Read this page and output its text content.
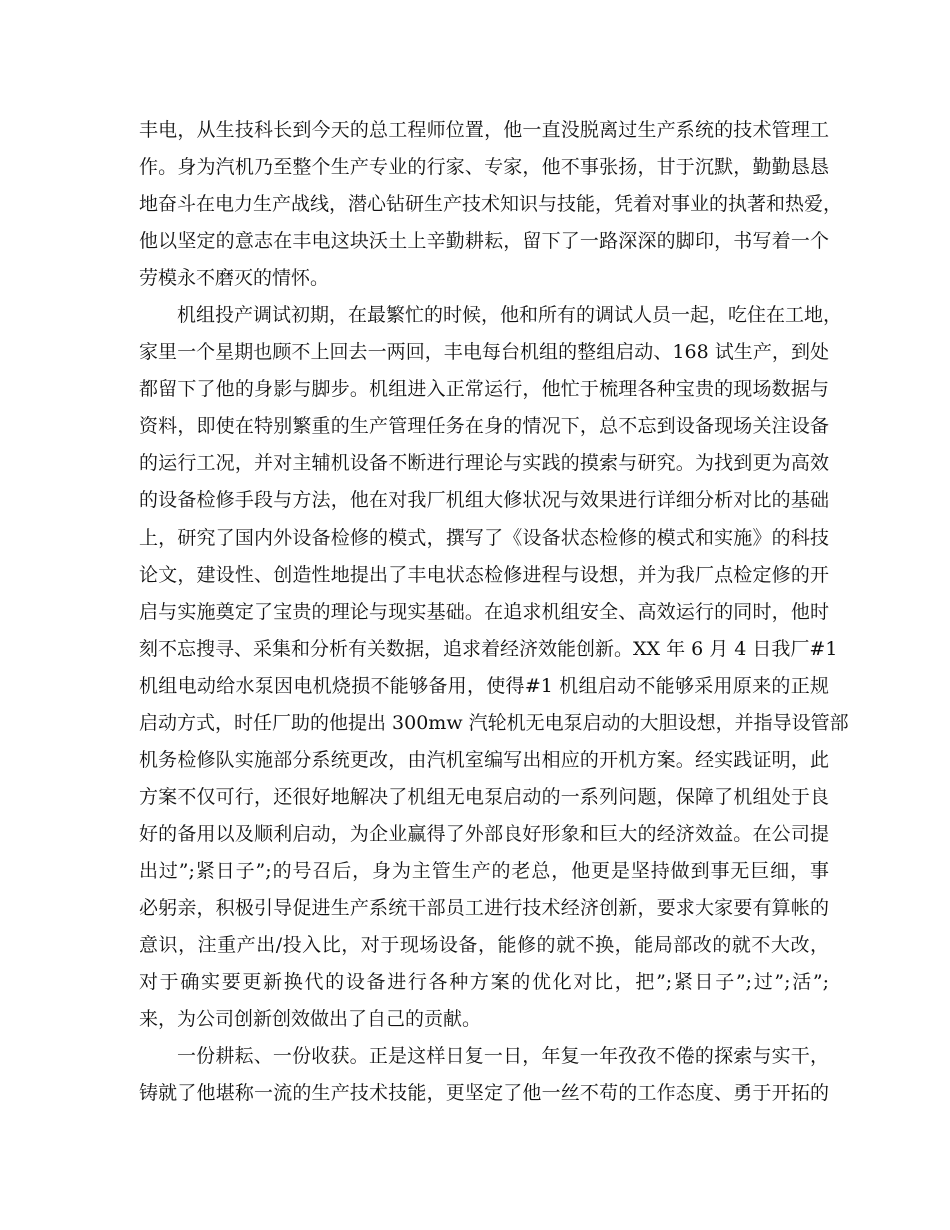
丰电，从生技科长到今天的总工程师位置，他一直没脱离过生产系统的技术管理工
作。身为汽机乃至整个生产专业的行家、专家，他不事张扬，甘于沉默，勤勤恳恳
地奋斗在电力生产战线，潜心钻研生产技术知识与技能，凭着对事业的执著和热爱，
他以坚定的意志在丰电这块沃土上辛勤耕耘，留下了一路深深的脚印，书写着一个
劳模永不磨灭的情怀。
机组投产调试初期，在最繁忙的时候，他和所有的调试人员一起，吃住在工地，
家里一个星期也顾不上回去一两回，丰电每台机组的整组启动、168 试生产，到处
都留下了他的身影与脚步。机组进入正常运行，他忙于梳理各种宝贵的现场数据与
资料，即使在特别繁重的生产管理任务在身的情况下，总不忘到设备现场关注设备
的运行工况，并对主辅机设备不断进行理论与实践的摸索与研究。为找到更为高效
的设备检修手段与方法，他在对我厂机组大修状况与效果进行详细分析对比的基础
上，研究了国内外设备检修的模式，撰写了《设备状态检修的模式和实施》的科技
论文，建设性、创造性地提出了丰电状态检修进程与设想，并为我厂点检定修的开
启与实施奠定了宝贵的理论与现实基础。在追求机组安全、高效运行的同时，他时
刻不忘搜寻、采集和分析有关数据，追求着经济效能创新。XX 年 6 月 4 日我厂#1
机组电动给水泵因电机烧损不能够备用，使得#1 机组启动不能够采用原来的正规
启动方式，时任厂助的他提出 300mw 汽轮机无电泵启动的大胆设想，并指导设管部
机务检修队实施部分系统更改，由汽机室编写出相应的开机方案。经实践证明，此
方案不仅可行，还很好地解决了机组无电泵启动的一系列问题，保障了机组处于良
好的备用以及顺利启动，为企业赢得了外部良好形象和巨大的经济效益。在公司提
出过”;紧日子”;的号召后，身为主管生产的老总，他更是坚持做到事无巨细，事
必躬亲，积极引导促进生产系统干部员工进行技术经济创新，要求大家要有算帐的
意识，注重产出/投入比，对于现场设备，能修的就不换，能局部改的就不大改，
对于确实要更新换代的设备进行各种方案的优化对比，把”;紧日子”;过”;活”;
来，为公司创新创效做出了自己的贡献。
一份耕耘、一份收获。正是这样日复一日，年复一年孜孜不倦的探索与实干，
铸就了他堪称一流的生产技术技能，更坚定了他一丝不苟的工作态度、勇于开拓的
